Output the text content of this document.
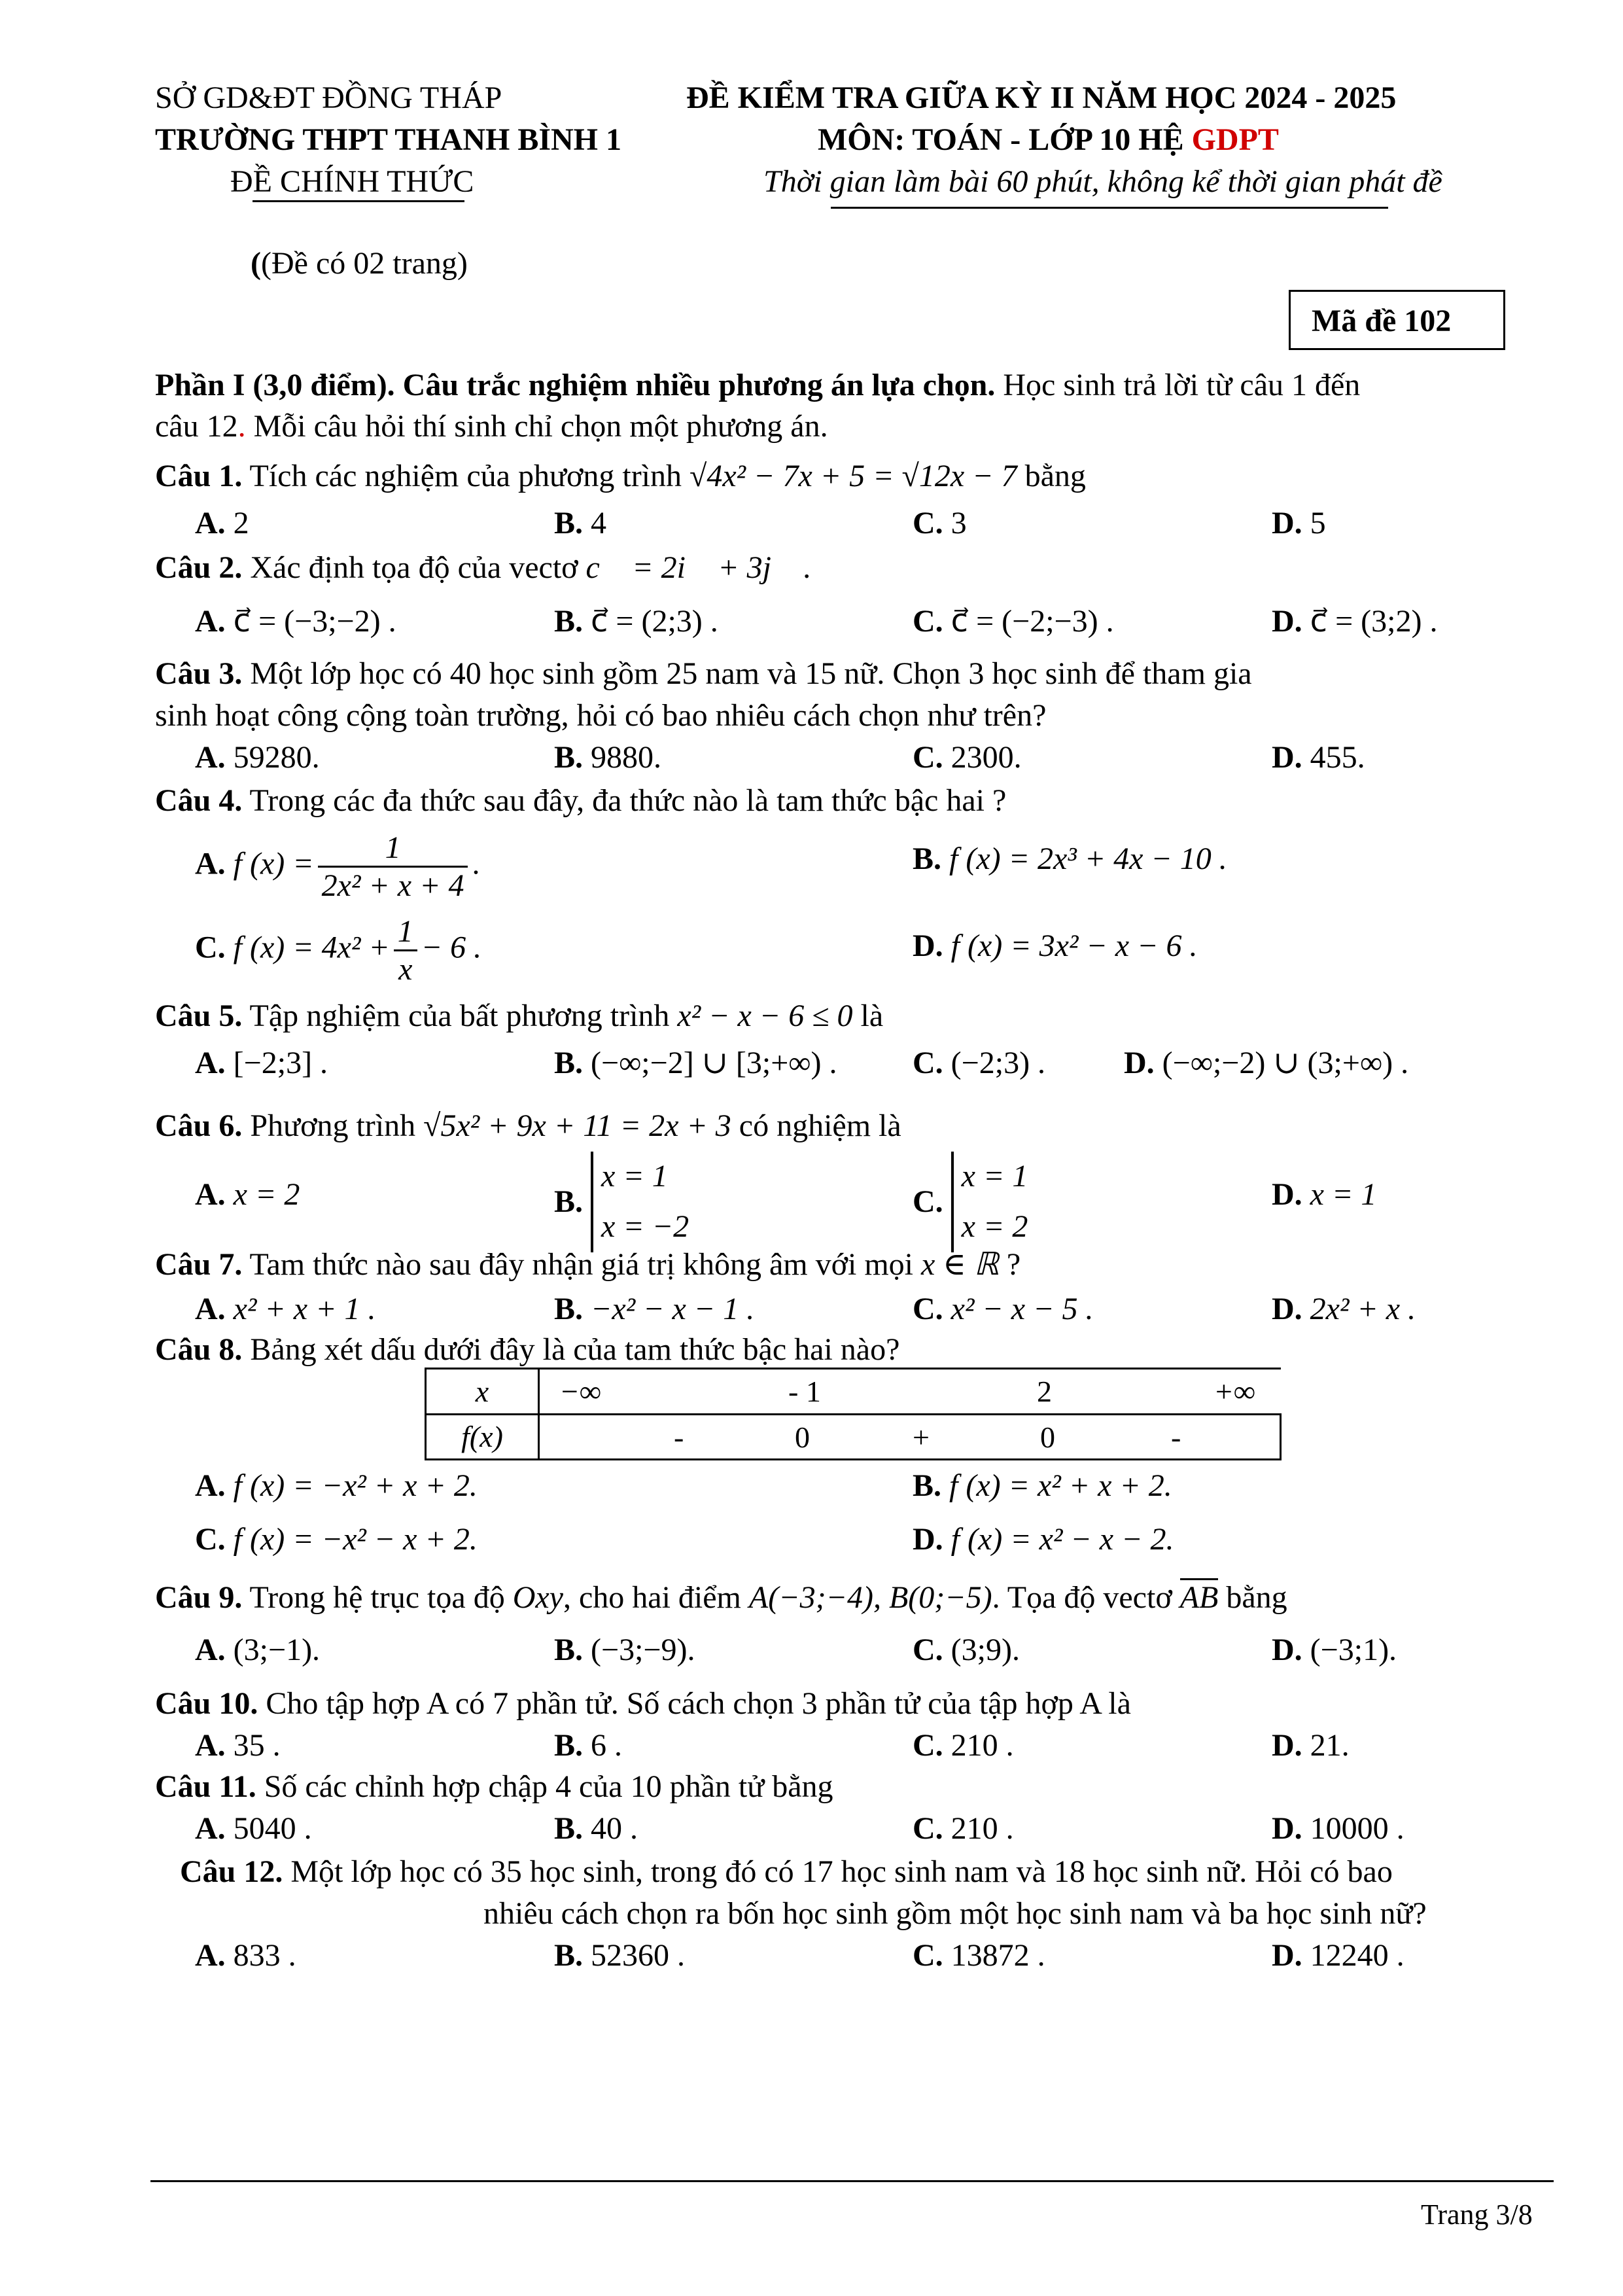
SỞ GD&ĐT ĐỒNG THÁP
TRƯỜNG THPT THANH BÌNH 1
ĐỀ CHÍNH THỨC
ĐỀ KIỂM TRA GIỮA KỲ II NĂM HỌC 2024 - 2025
MÔN: TOÁN - LỚP 10 HỆ GDPT
Thời gian làm bài 60 phút, không kể thời gian phát đề
((Đề có 02 trang)
Mã đề 102
Phần I (3,0 điểm). Câu trắc nghiệm nhiều phương án lựa chọn. Học sinh trả lời từ câu 1 đến
câu 12. Mỗi câu hỏi thí sinh chỉ chọn một phương án.
Câu 1. Tích các nghiệm của phương trình √4x² − 7x + 5 = √12x − 7 bằng
A. 2	B. 4	C. 3	D. 5
Câu 2. Xác định tọa độ của vectơ c⃗ = 2i⃗ + 3j⃗ .
A. c⃗ = (−3;−2) .	B. c⃗ = (2;3) .	C. c⃗ = (−2;−3) .	D. c⃗ = (3;2) .
Câu 3. Một lớp học có 40 học sinh gồm 25 nam và 15 nữ. Chọn 3 học sinh để tham gia
sinh hoạt công cộng toàn trường, hỏi có bao nhiêu cách chọn như trên?
A. 59280.	B. 9880.	C. 2300.	D. 455.
Câu 4. Trong các đa thức sau đây, đa thức nào là tam thức bậc hai ?
A. f $(x) = \frac{1}{\text{2x² + x + 4}}$ .	B. f (x) = 2x³ + 4x − 10 .
C. f $(x) = 4x^2 + \frac{1}{x} - 6$ .	D. f (x) = 3x² − x − 6 .
Câu 5. Tập nghiệm của bất phương trình x² − x − 6 ≤ 0 là
A. [−2;3] .	B. (−∞;−2] ∪ [3;+∞) . C. (−2;3) . D. (−∞;−2) ∪ (3;+∞) .
Câu 6. Phương trình √5x² + 9x + 11 = 2x + 3 có nghiệm là
A. x = 2	B.
x = 1
x = −2
C.
x = 1
x = 2
D. x = 1
Câu 7. Tam thức nào sau đây nhận giá trị không âm với mọi x ∈ ℝ ?
A. x² + x + 1 .	B. −x² − x − 1 .	C. x² − x − 5 .	D. 2x² + x .
Câu 8. Bảng xét dấu dưới đây là của tam thức bậc hai nào?
x	−∞ - 1 2 +∞

f(x)	- 0 + 0 -
A. f (x) = −x² + x + 2.	B. f (x) = x² + x + 2.
C. f (x) = −x² − x + 2.	D. f (x) = x² − x − 2.
Câu 9. Trong hệ trục tọa độ Oxy, cho hai điểm A(−3;−4), B(0;−5). Tọa độ vectơ AB bằng
A. (3;−1).	B. (−3;−9).	C. (3;9).	D. (−3;1).
Câu 10. Cho tập hợp A có 7 phần tử. Số cách chọn 3 phần tử của tập hợp A là
A. 35 .	B. 6 .	C. 210 .	D. 21.
Câu 11. Số các chỉnh hợp chập 4 của 10 phần tử bằng
A. 5040 .	B. 40 .	C. 210 .	D. 10000 .
Câu 12. Một lớp học có 35 học sinh, trong đó có 17 học sinh nam và 18 học sinh nữ. Hỏi có bao
nhiêu cách chọn ra bốn học sinh gồm một học sinh nam và ba học sinh nữ?
A. 833 .	B. 52360 .	C. 13872 .	D. 12240 .
Trang 3/8
